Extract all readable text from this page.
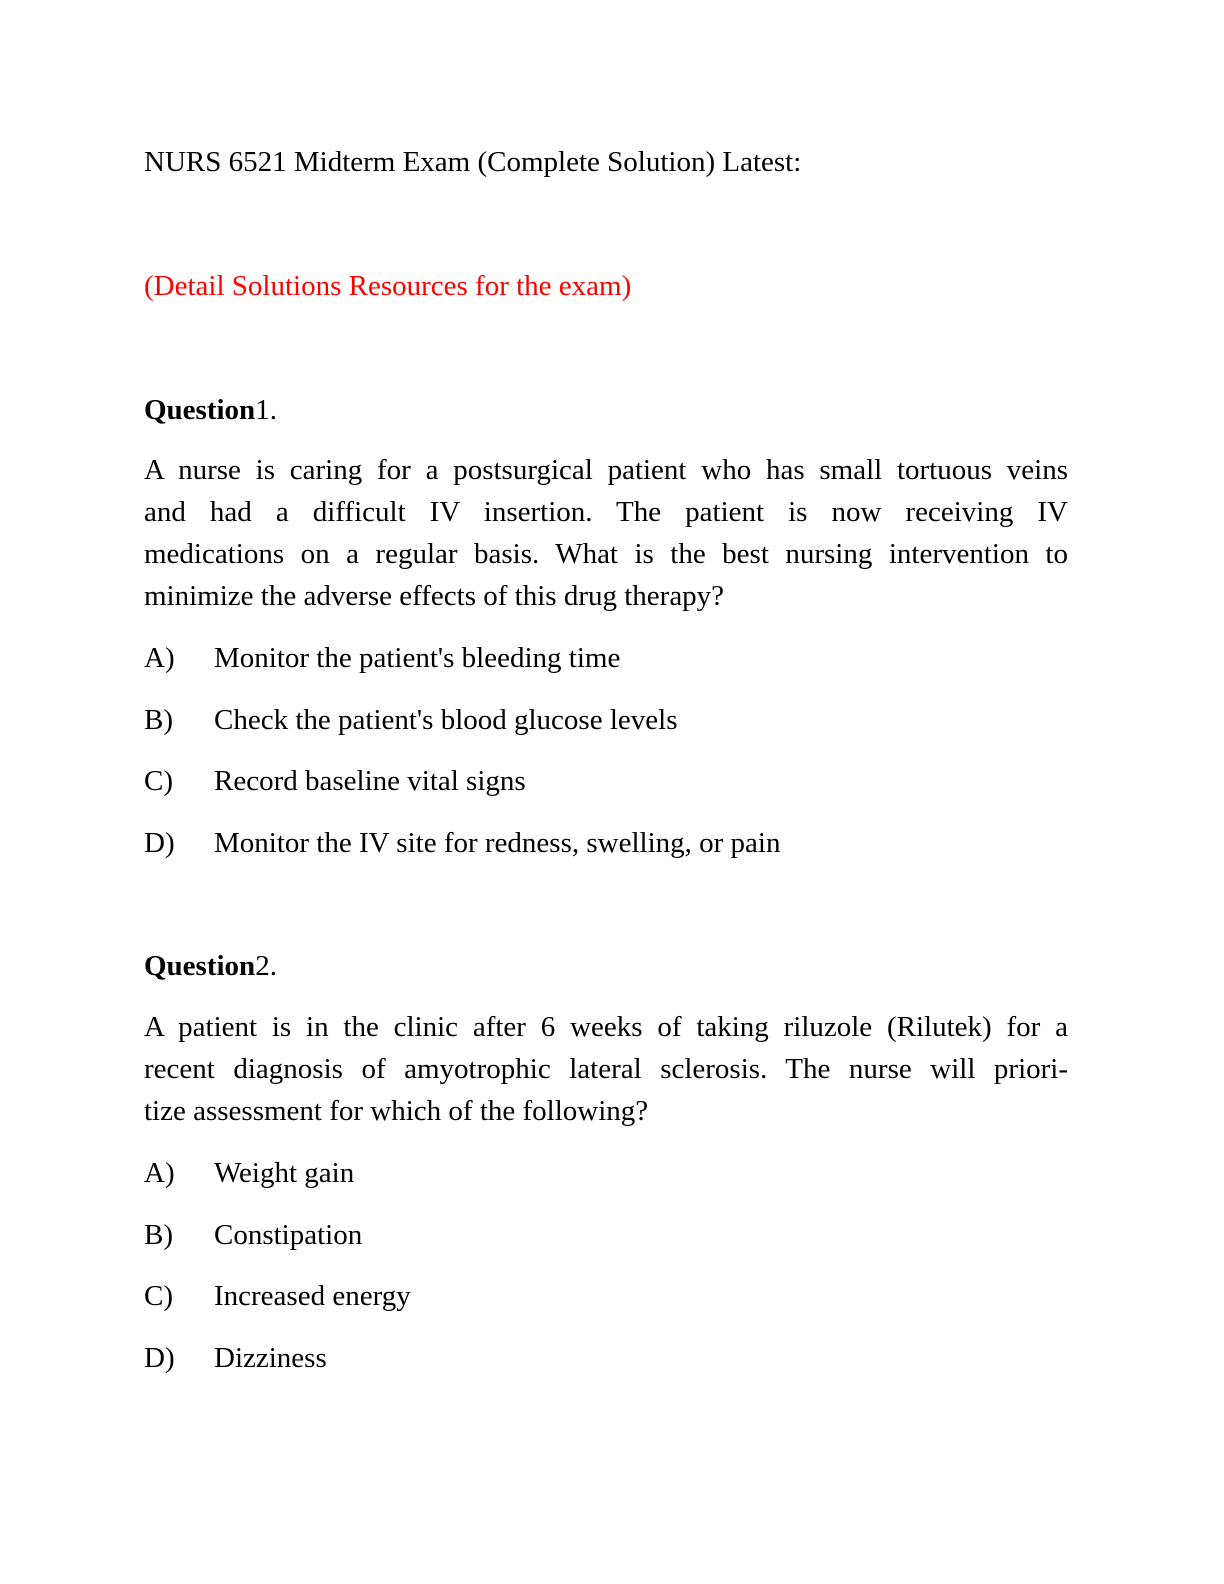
NURS 6521 Midterm Exam (Complete Solution) Latest:
(Detail Solutions Resources for the exam)
Question1.
A nurse is caring for a postsurgical patient who has small tortuous veins
and had a difficult IV insertion. The patient is now receiving IV
medications on a regular basis. What is the best nursing intervention to
minimize the adverse effects of this drug therapy?
A) Monitor the patient's bleeding time
B) Check the patient's blood glucose levels
C) Record baseline vital signs
D) Monitor the IV site for redness, swelling, or pain
Question2.
A patient is in the clinic after 6 weeks of taking riluzole (Rilutek) for a
recent diagnosis of amyotrophic lateral sclerosis. The nurse will priori-
tize assessment for which of the following?
A) Weight gain
B) Constipation
C) Increased energy
D) Dizziness
